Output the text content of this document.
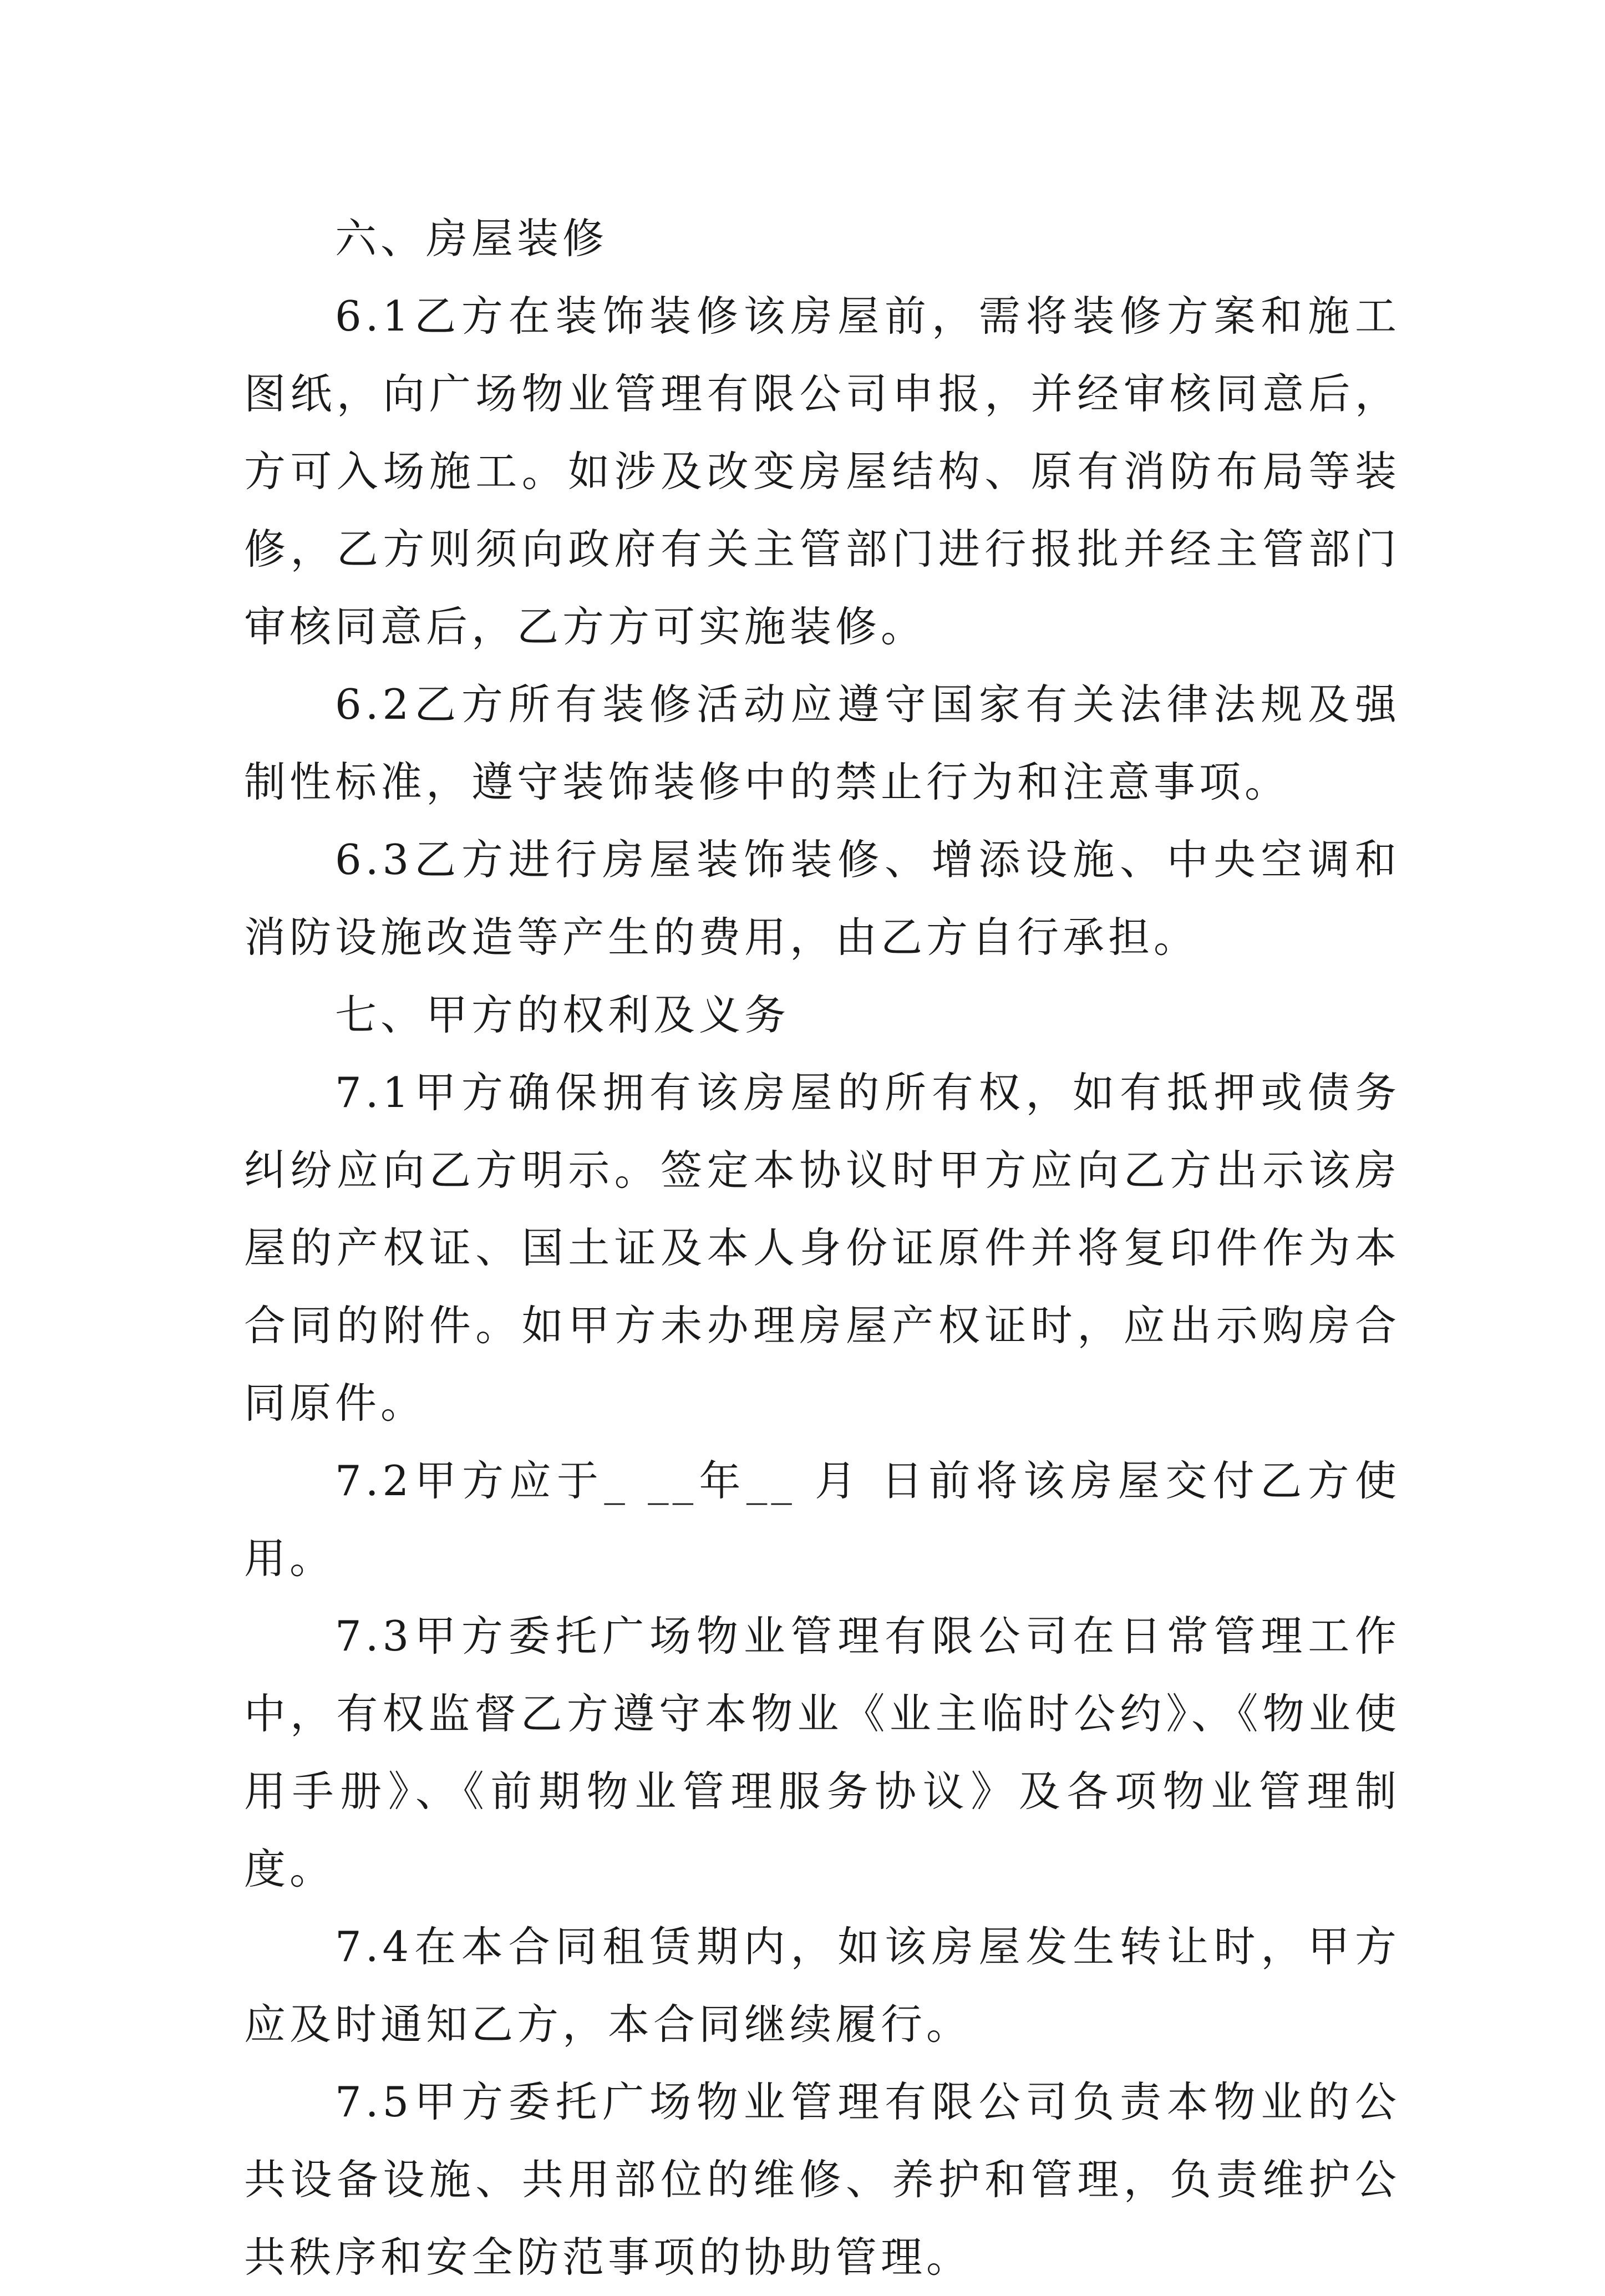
六、房屋装修

6.1乙方在装饰装修该房屋前，需将装修方案和施工图纸，向广场物业管理有限公司申报，并经审核同意后，方可入场施工。如涉及改变房屋结构、原有消防布局等装修，乙方则须向政府有关主管部门进行报批并经主管部门审核同意后，乙方方可实施装修。

6.2乙方所有装修活动应遵守国家有关法律法规及强制性标准，遵守装饰装修中的禁止行为和注意事项。

6.3乙方进行房屋装饰装修、增添设施、中央空调和消防设施改造等产生的费用，由乙方自行承担。

七、甲方的权利及义务

7.1甲方确保拥有该房屋的所有权，如有抵押或债务纠纷应向乙方明示。签定本协议时甲方应向乙方出示该房屋的产权证、国土证及本人身份证原件并将复印件作为本合同的附件。如甲方未办理房屋产权证时，应出示购房合同原件。

7.2甲方应于_ __年__ 月 日前将该房屋交付乙方使用。

7.3甲方委托广场物业管理有限公司在日常管理工作中，有权监督乙方遵守本物业《业主临时公约》、《物业使用手册》、《前期物业管理服务协议》及各项物业管理制度。

7.4在本合同租赁期内，如该房屋发生转让时，甲方应及时通知乙方，本合同继续履行。

7.5甲方委托广场物业管理有限公司负责本物业的公共设备设施、共用部位的维修、养护和管理，负责维护公共秩序和安全防范事项的协助管理。
